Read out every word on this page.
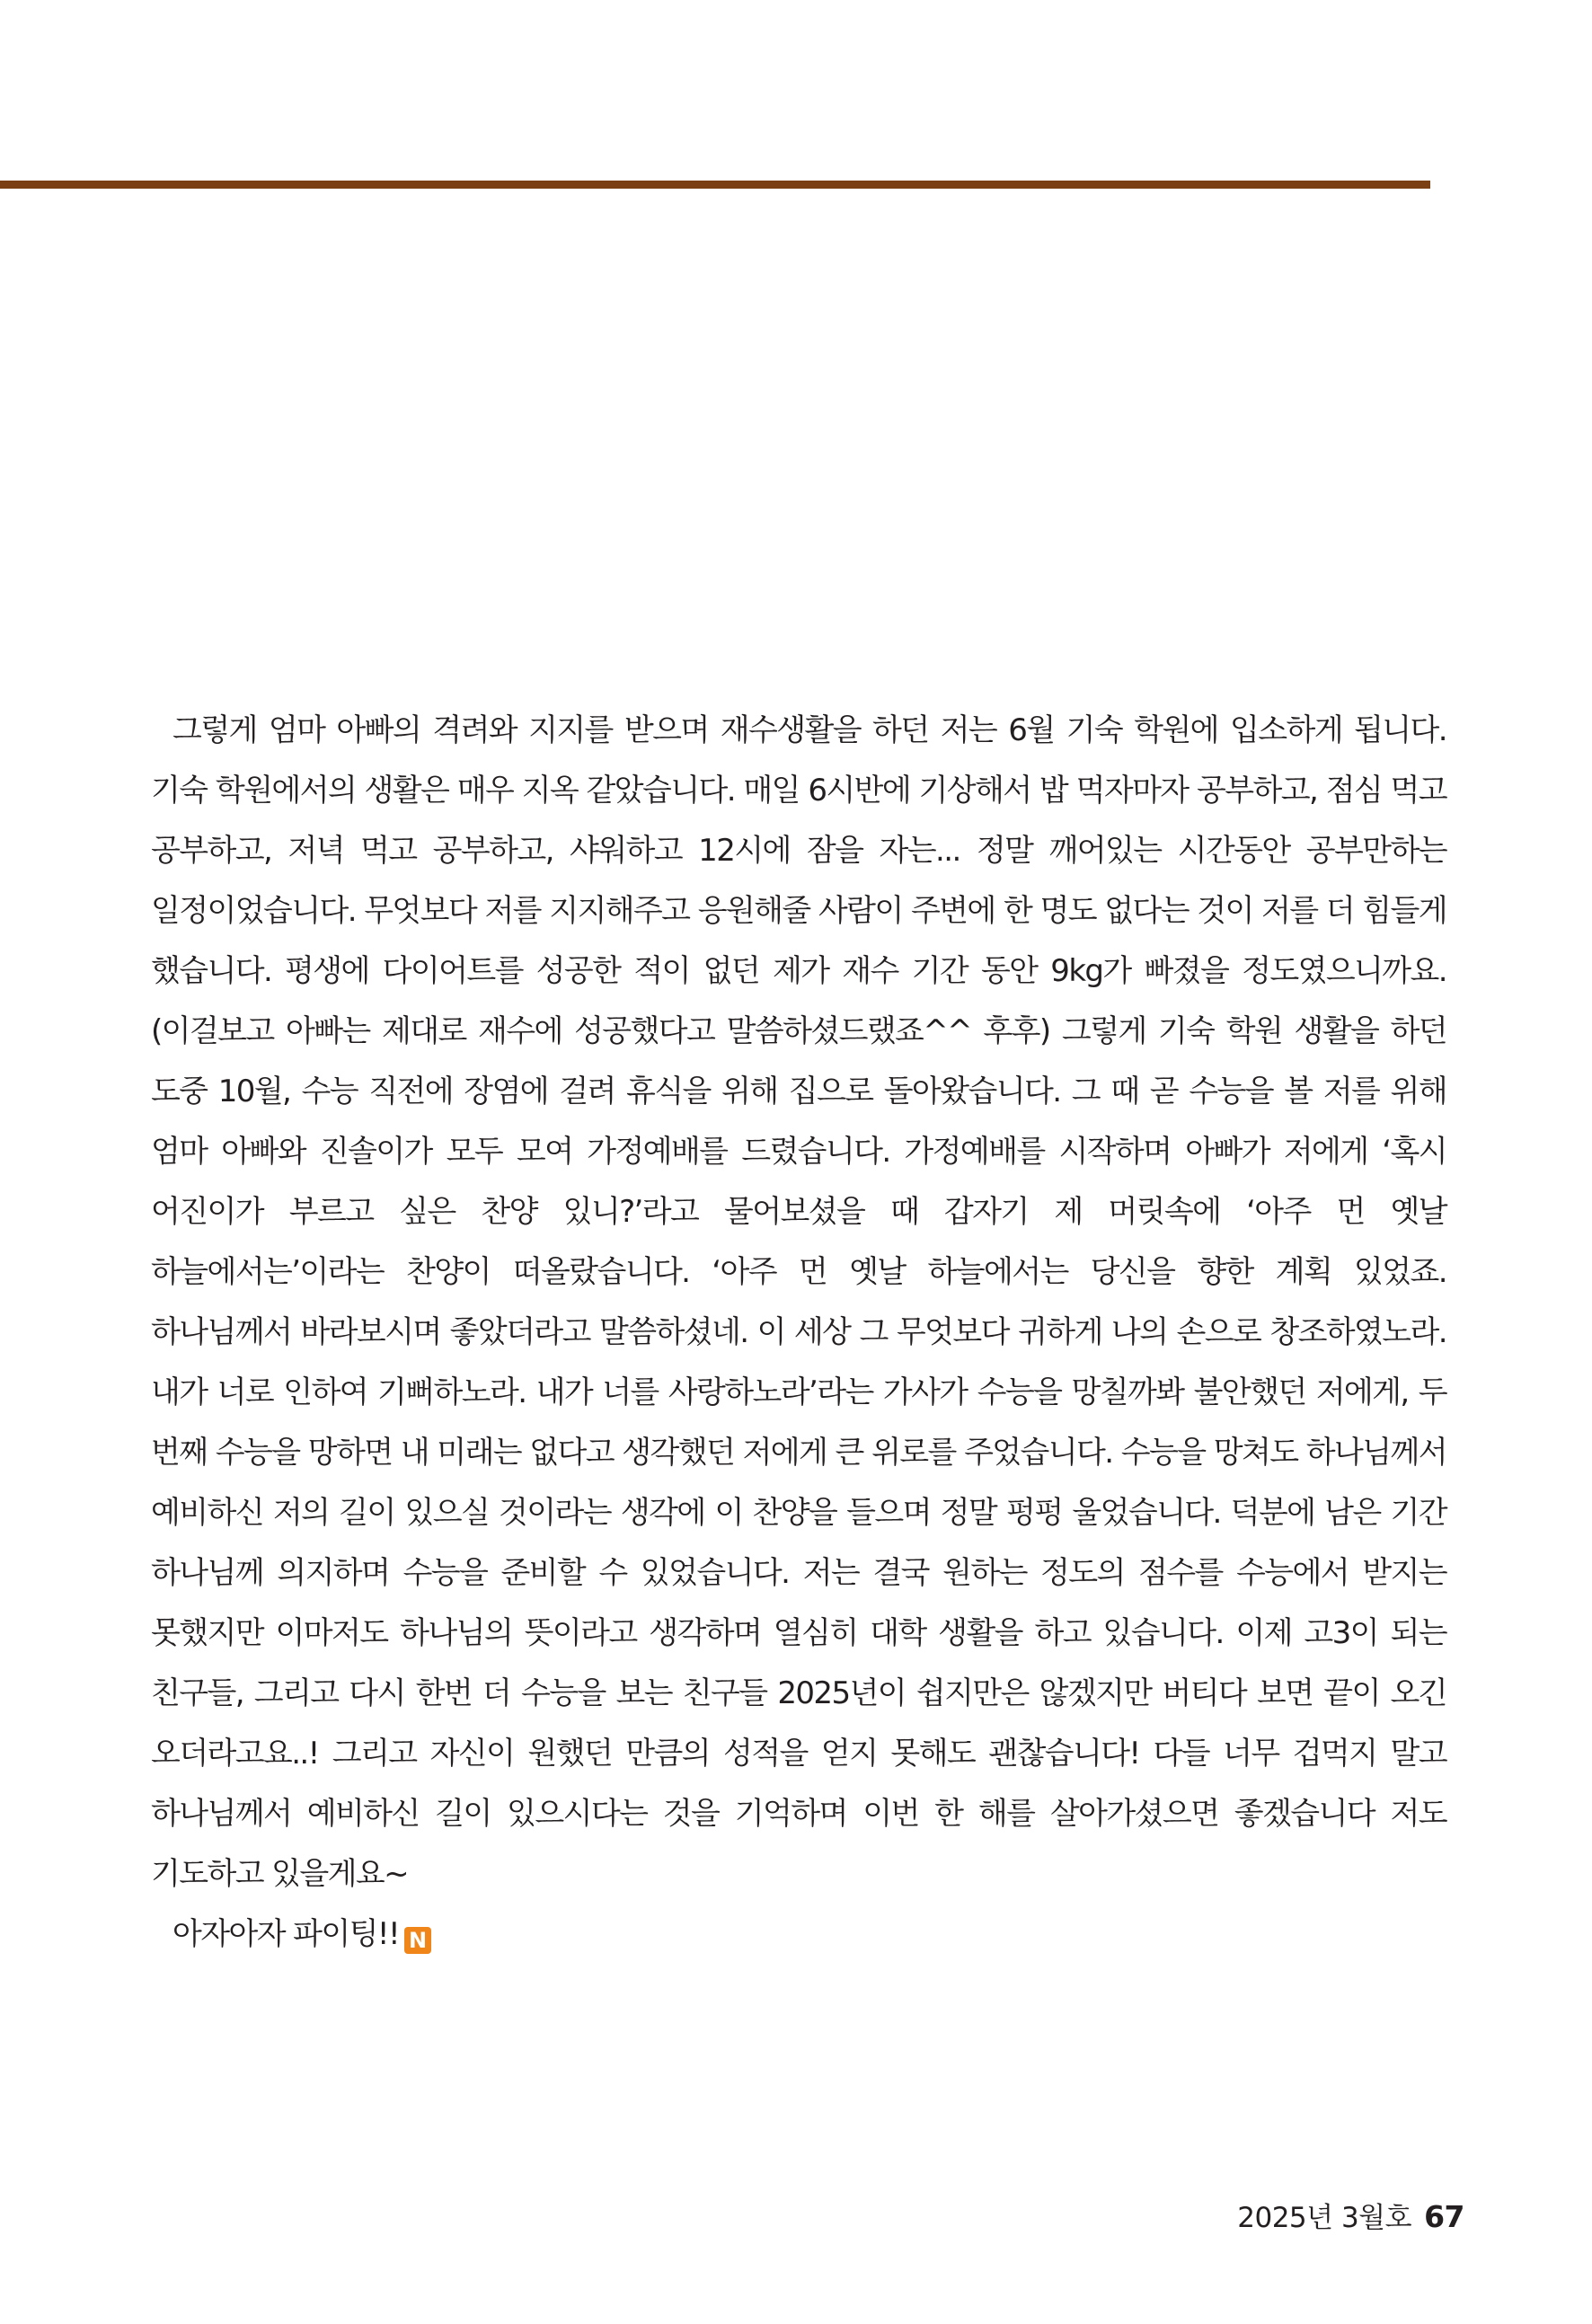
그렇게 엄마 아빠의 격려와 지지를 받으며 재수생활을 하던 저는 6월 기숙 학원에 입소하게 됩니다. 기숙 학원에서의 생활은 매우 지옥 같았습니다. 매일 6시반에 기상해서 밥 먹자마자 공부하고, 점심 먹고 공부하고, 저녁 먹고 공부하고, 샤워하고 12시에 잠을 자는... 정말 깨어있는 시간동안 공부만하는 일정이었습니다. 무엇보다 저를 지지해주고 응원해줄 사람이 주변에 한 명도 없다는 것이 저를 더 힘들게 했습니다. 평생에 다이어트를 성공한 적이 없던 제가 재수 기간 동안 9kg가 빠졌을 정도였으니까요. (이걸보고 아빠는 제대로 재수에 성공했다고 말씀하셨드랬죠^^ 후후) 그렇게 기숙 학원 생활을 하던 도중 10월, 수능 직전에 장염에 걸려 휴식을 위해 집으로 돌아왔습니다. 그 때 곧 수능을 볼 저를 위해 엄마 아빠와 진솔이가 모두 모여 가정예배를 드렸습니다. 가정예배를 시작하며 아빠가 저에게 ‘혹시 어진이가 부르고 싶은 찬양 있니?’라고 물어보셨을 때 갑자기 제 머릿속에 ‘아주 먼 옛날 하늘에서는’이라는 찬양이 떠올랐습니다. ‘아주 먼 옛날 하늘에서는 당신을 향한 계획 있었죠. 하나님께서 바라보시며 좋았더라고 말씀하셨네. 이 세상 그 무엇보다 귀하게 나의 손으로 창조하였노라. 내가 너로 인하여 기뻐하노라. 내가 너를 사랑하노라’라는 가사가 수능을 망칠까봐 불안했던 저에게, 두 번째 수능을 망하면 내 미래는 없다고 생각했던 저에게 큰 위로를 주었습니다. 수능을 망쳐도 하나님께서 예비하신 저의 길이 있으실 것이라는 생각에 이 찬양을 들으며 정말 펑펑 울었습니다. 덕분에 남은 기간 하나님께 의지하며 수능을 준비할 수 있었습니다. 저는 결국 원하는 정도의 점수를 수능에서 받지는 못했지만 이마저도 하나님의 뜻이라고 생각하며 열심히 대학 생활을 하고 있습니다. 이제 고3이 되는 친구들, 그리고 다시 한번 더 수능을 보는 친구들 2025년이 쉽지만은 않겠지만 버티다 보면 끝이 오긴 오더라고요..! 그리고 자신이 원했던 만큼의 성적을 얻지 못해도 괜찮습니다! 다들 너무 겁먹지 말고 하나님께서 예비하신 길이 있으시다는 것을 기억하며 이번 한 해를 살아가셨으면 좋겠습니다 저도 기도하고 있을게요~

아자아자 파이팅!! N

2025년 3월호 67
